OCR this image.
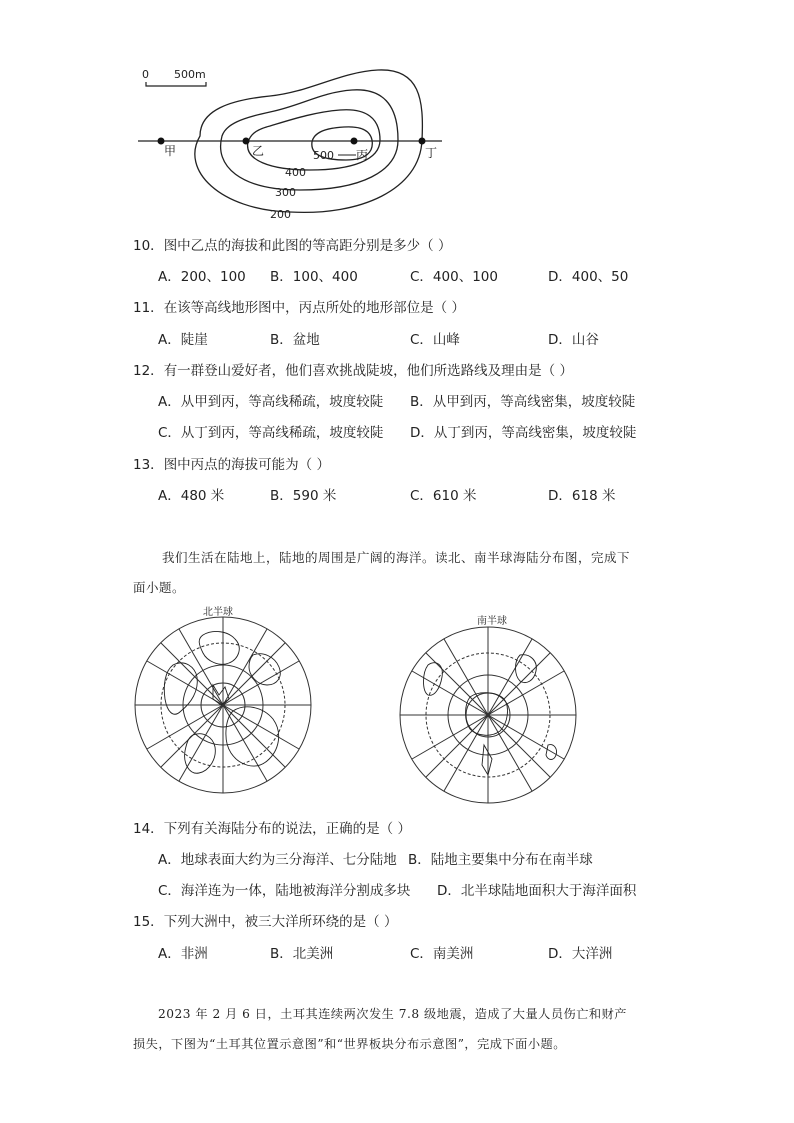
0 500m
甲	乙	丙	丁
500
400
300
200
10．图中乙点的海拔和此图的等高距分别是多少（ ）
A．200、100 B．100、400	C．400、100	D．400、50
11．在该等高线地形图中，丙点所处的地形部位是（ ）
A．陡崖	B．盆地	C．山峰	D．山谷
12．有一群登山爱好者，他们喜欢挑战陡坡，他们所选路线及理由是（ ）
A．从甲到丙，等高线稀疏，坡度较陡 B．从甲到丙，等高线密集，坡度较陡
C．从丁到丙，等高线稀疏，坡度较陡 D．从丁到丙，等高线密集，坡度较陡
13．图中丙点的海拔可能为（ ）
A．480 米	B．590 米	C．610 米	D．618 米
我们生活在陆地上，陆地的周围是广阔的海洋。读北、南半球海陆分布图，完成下
面小题。
北半球
南半球
14．下列有关海陆分布的说法，正确的是（ ）
A．地球表面大约为三分海洋、七分陆地 B．陆地主要集中分布在南半球
C．海洋连为一体，陆地被海洋分割成多块 D．北半球陆地面积大于海洋面积
15．下列大洲中，被三大洋所环绕的是（ ）
A．非洲	B．北美洲	C．南美洲	D．大洋洲
2023 年 2 月 6 日，土耳其连续两次发生 7.8 级地震，造成了大量人员伤亡和财产
损失，下图为“土耳其位置示意图”和“世界板块分布示意图”，完成下面小题。
